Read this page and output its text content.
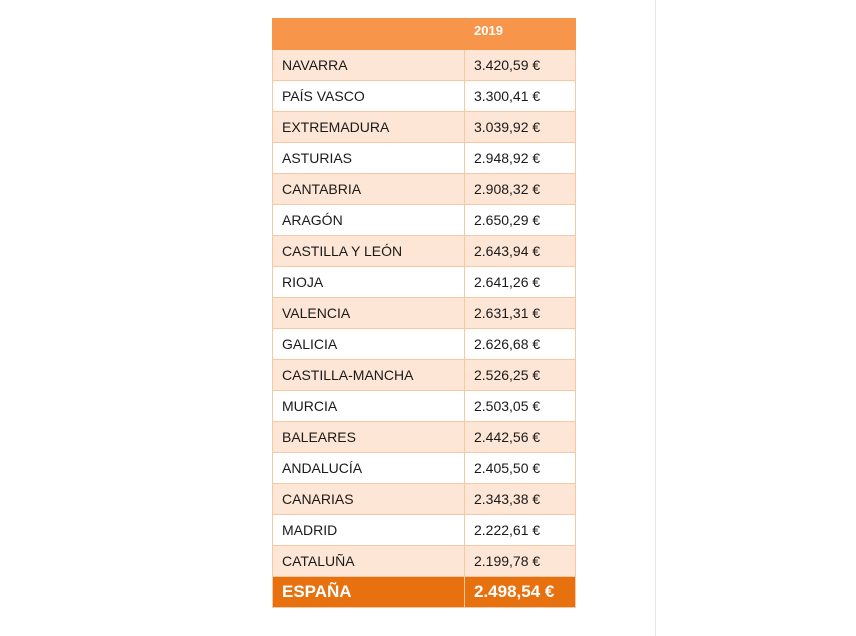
	2019
NAVARRA	3.420,59 €
PAÍS VASCO	3.300,41 €
EXTREMADURA	3.039,92 €
ASTURIAS	2.948,92 €
CANTABRIA	2.908,32 €
ARAGÓN	2.650,29 €
CASTILLA Y LEÓN	2.643,94 €
RIOJA	2.641,26 €
VALENCIA	2.631,31 €
GALICIA	2.626,68 €
CASTILLA-MANCHA	2.526,25 €
MURCIA	2.503,05 €
BALEARES	2.442,56 €
ANDALUCÍA	2.405,50 €
CANARIAS	2.343,38 €
MADRID	2.222,61 €
CATALUÑA	2.199,78 €
ESPAÑA	2.498,54 €
